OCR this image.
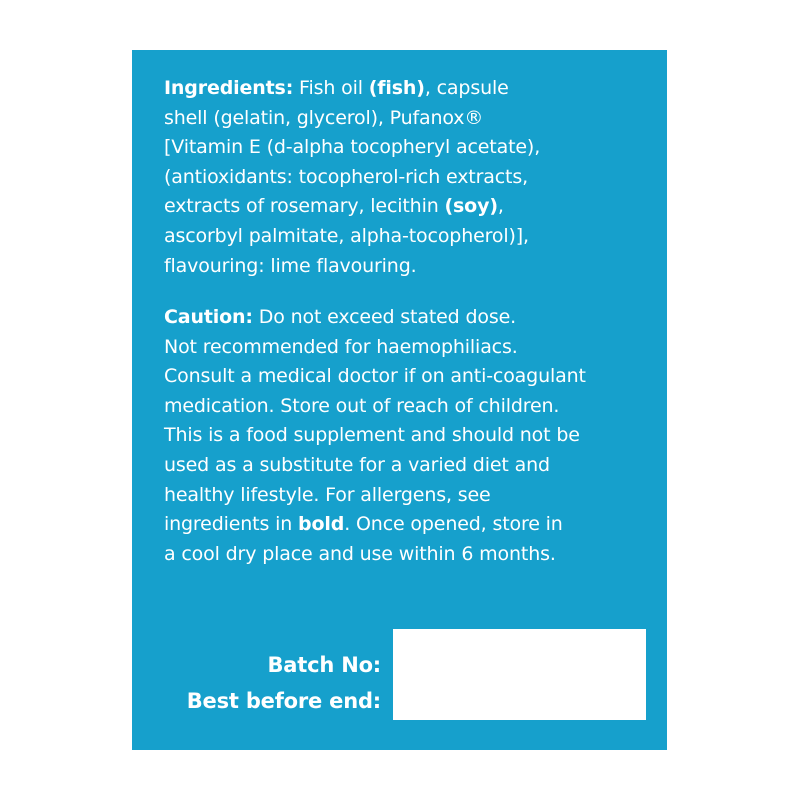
Ingredients: Fish oil (fish), capsule
shell (gelatin, glycerol), Pufanox®
[Vitamin E (d-alpha tocopheryl acetate),
(antioxidants: tocopherol-rich extracts,
extracts of rosemary, lecithin (soy),
ascorbyl palmitate, alpha-tocopherol)],
flavouring: lime flavouring.
Caution: Do not exceed stated dose.
Not recommended for haemophiliacs.
Consult a medical doctor if on anti-coagulant
medication. Store out of reach of children.
This is a food supplement and should not be
used as a substitute for a varied diet and
healthy lifestyle. For allergens, see
ingredients in bold. Once opened, store in
a cool dry place and use within 6 months.
Batch No:
Best before end:
